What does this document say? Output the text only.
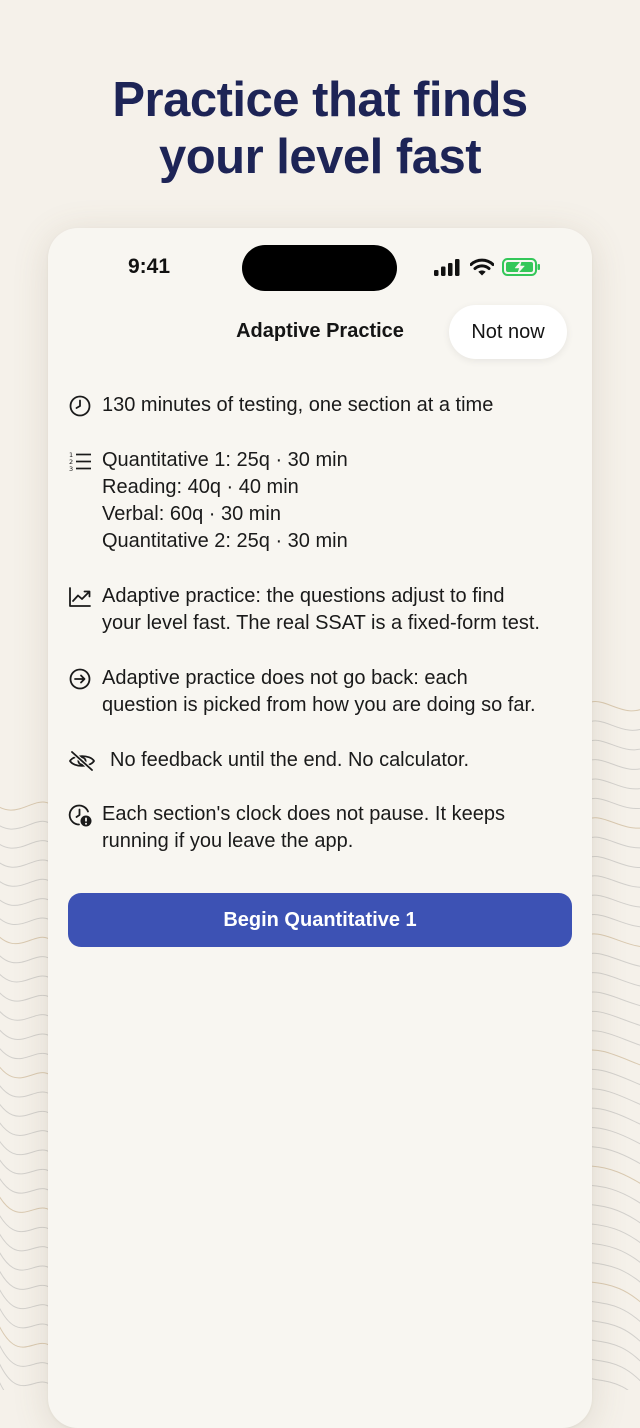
Practice that finds
your level fast
9:41
Adaptive Practice	Not now
130 minutes of testing, one section at a time
1
2
3 Quantitative 1: 25q · 30 min
Reading: 40q · 40 min
Verbal: 60q · 30 min
Quantitative 2: 25q · 30 min
Adaptive practice: the questions adjust to find
your level fast. The real SSAT is a fixed-form test.
Adaptive practice does not go back: each
question is picked from how you are doing so far.
No feedback until the end. No calculator.
Each section's clock does not pause. It keeps
running if you leave the app.
Begin Quantitative 1
